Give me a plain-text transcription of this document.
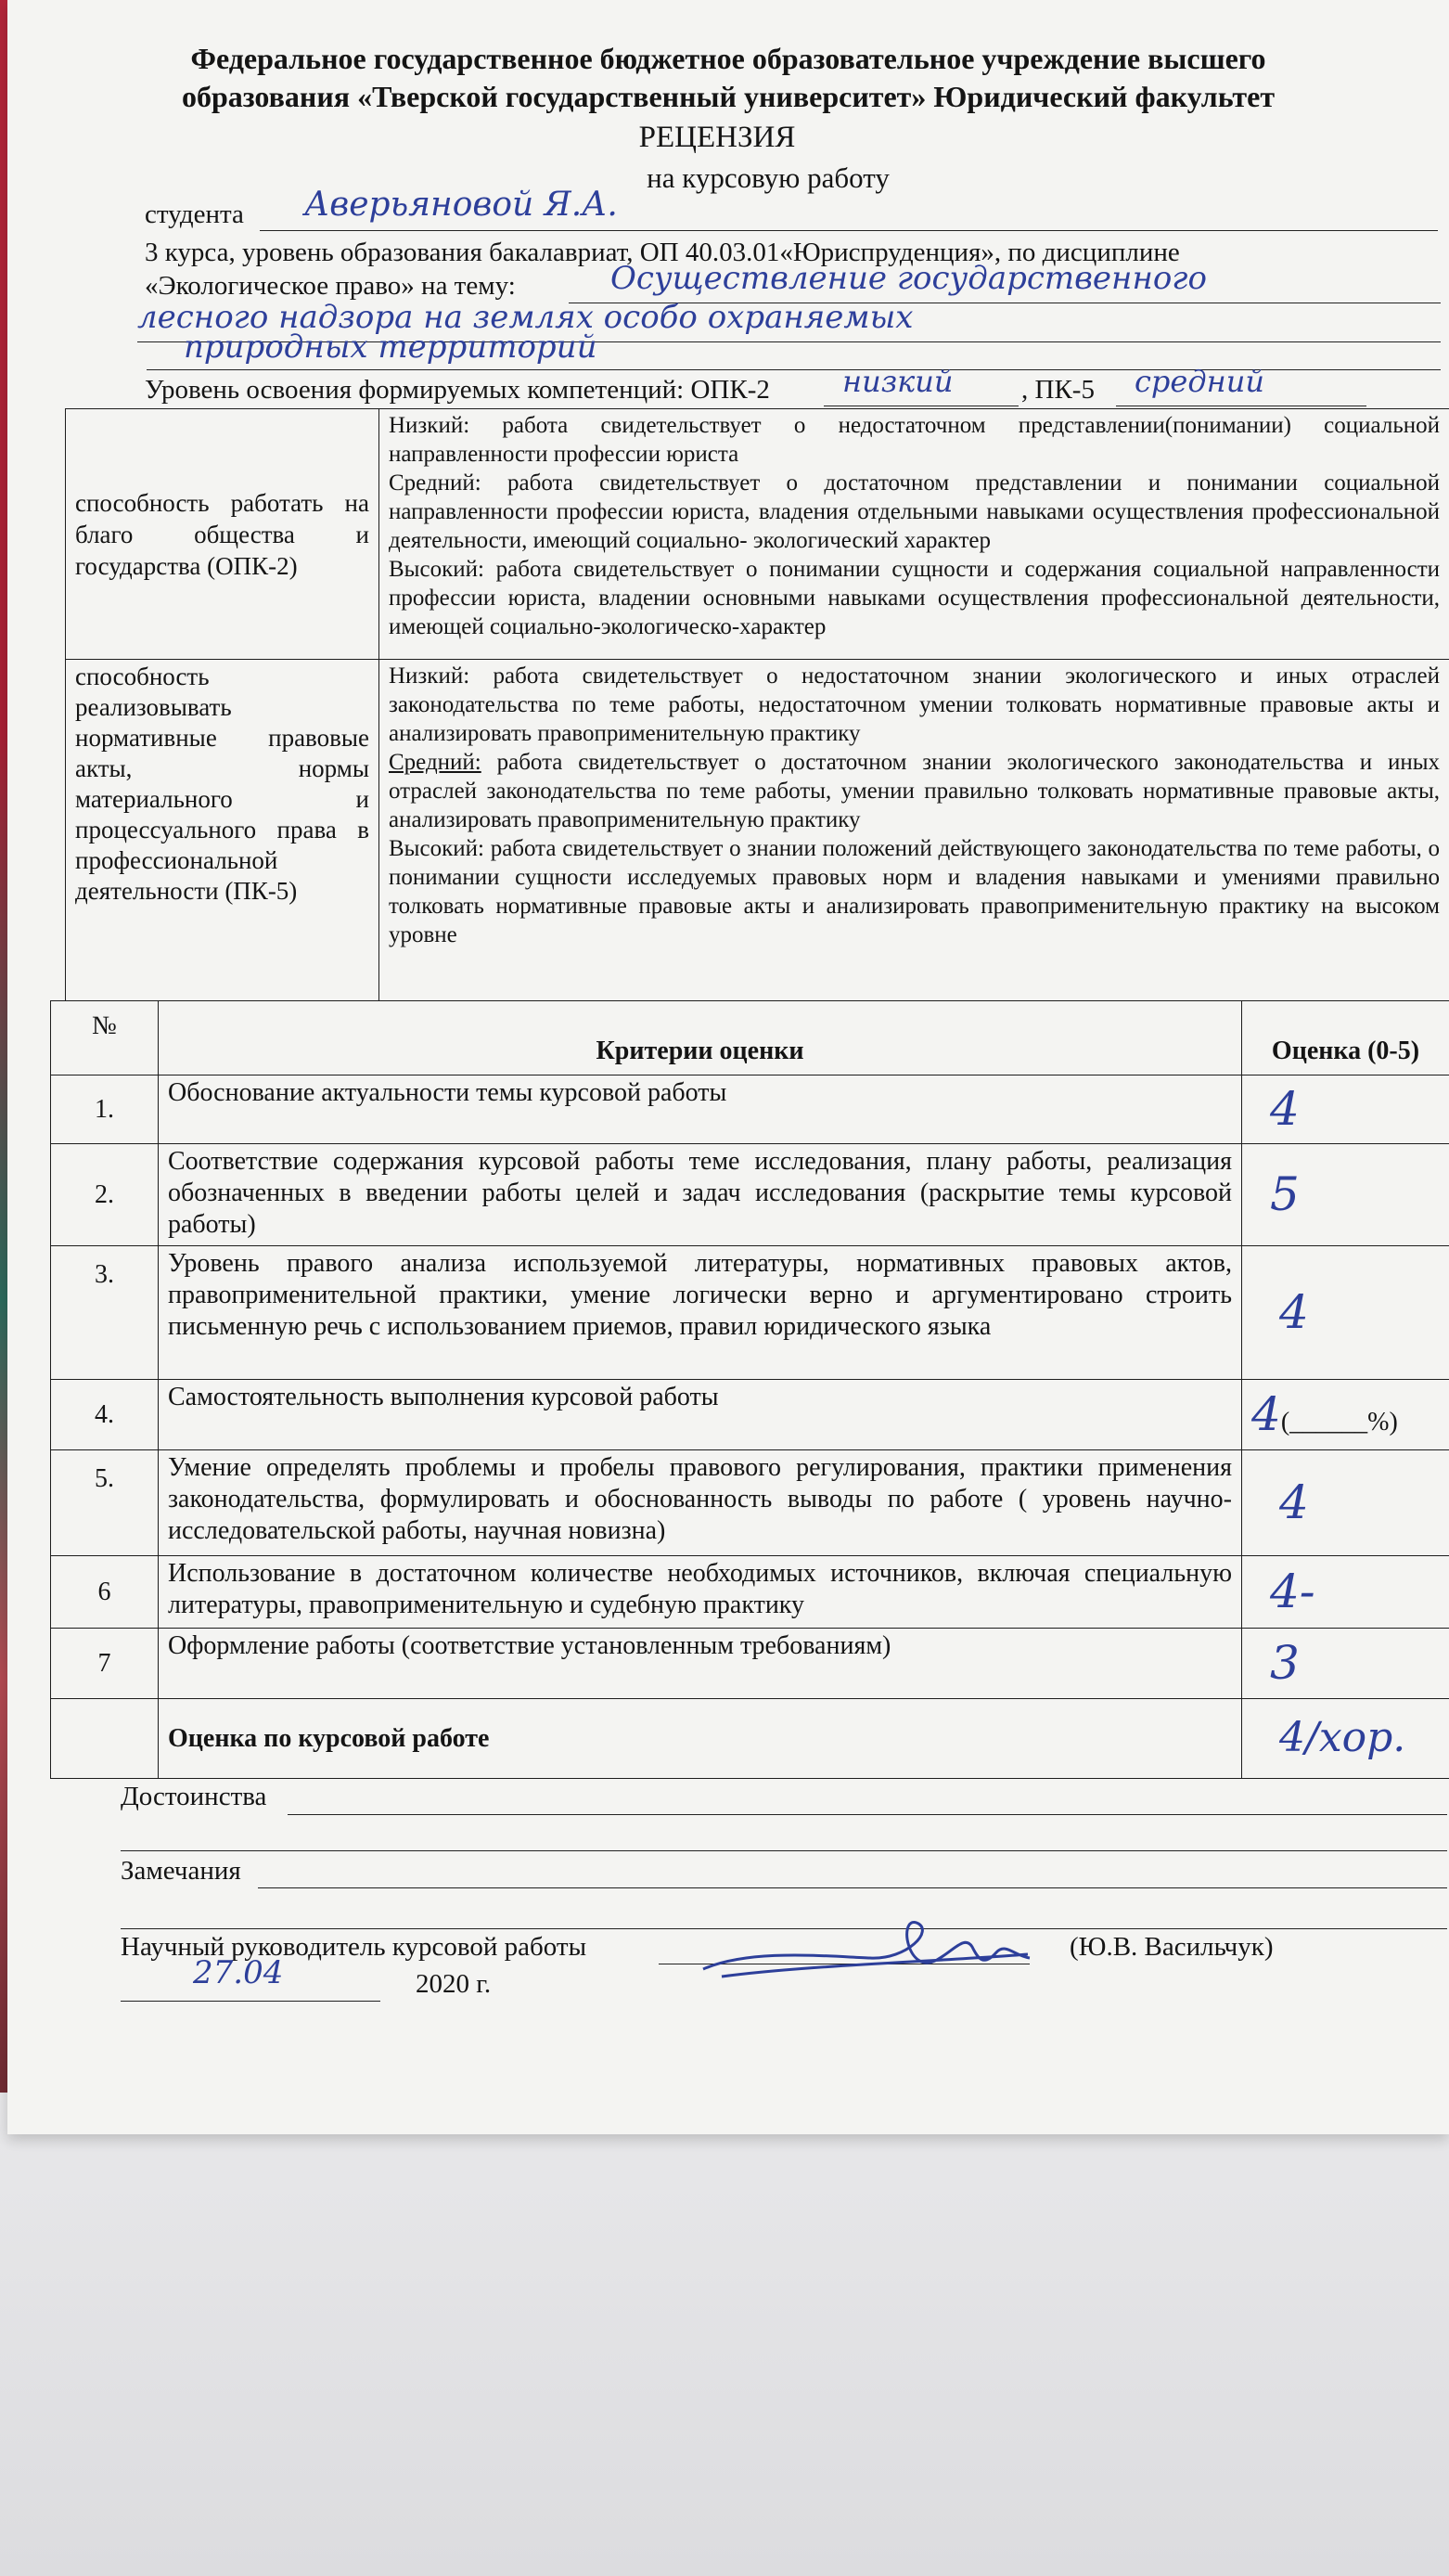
Федеральное государственное бюджетное образовательное учреждение высшего
образования «Тверской государственный университет» Юридический факультет
РЕЦЕНЗИЯ
на курсовую работу
студента Аверьяновой Я.А.
3 курса, уровень образования бакалавриат, ОП 40.03.01«Юриспруденция», по дисциплине
«Экологическое право» на тему:	Осуществление государственного
лесного надзора на землях особо охраняемых
природных территорий
Уровень освоения формируемых компетенций: ОПК-2 низкий	, ПК-5 средний
способность работать на благо общества и государства (ОПК-2)	Низкий: работа свидетельствует о недостаточном представлении(понимании) социальной направленности профессии юриста
Средний: работа свидетельствует о достаточном представлении и понимании социальной направленности профессии юриста, владения отдельными навыками осуществления профессиональной деятельности, имеющий социально- экологический характер
Высокий: работа свидетельствует о понимании сущности и содержания социальной направленности профессии юриста, владении основными навыками осуществления профессиональной деятельности, имеющей социально-экологическо-характер
способность реализовывать нормативные правовые акты, нормы материального и процессуального права в профессиональной деятельности (ПК-5)	Низкий: работа свидетельствует о недостаточном знании экологического и иных отраслей законодательства по теме работы, недостаточном умении толковать нормативные правовые акты и анализировать правоприменительную практику
Средний: работа свидетельствует о достаточном знании экологического законодательства и иных отраслей законодательства по теме работы, умении правильно толковать нормативные правовые акты, анализировать правоприменительную практику
Высокий: работа свидетельствует о знании положений действующего законодательства по теме работы, о понимании сущности исследуемых правовых норм и владения навыками и умениями правильно толковать нормативные правовые акты и анализировать правоприменительную практику на высоком уровне
№	Критерии оценки	Оценка (0-5)
1.	Обоснование актуальности темы курсовой работы	4
2.	Соответствие содержания курсовой работы теме исследования, плану работы, реализация обозначенных в введении работы целей и задач исследования (раскрытие темы курсовой работы)	5
3.	Уровень правого анализа используемой литературы, нормативных правовых актов, правоприменительной практики, умение логически верно и аргументировано строить письменную речь с использованием приемов, правил юридического языка	4
4.	Самостоятельность выполнения курсовой работы	4(______%)
5.	Умение определять проблемы и пробелы правового регулирования, практики применения законодательства, формулировать и обоснованность выводы по работе ( уровень научно-исследовательской работы, научная новизна)	4
6	Использование в достаточном количестве необходимых источников, включая специальную литературы, правоприменительную и судебную практику	4-
7	Оформление работы (соответствие установленным требованиям)	3
	Оценка по курсовой работе	4/хор.
Достоинства
Замечания
Научный руководитель курсовой работы	(Ю.В. Васильчук)
27.04	2020 г.
